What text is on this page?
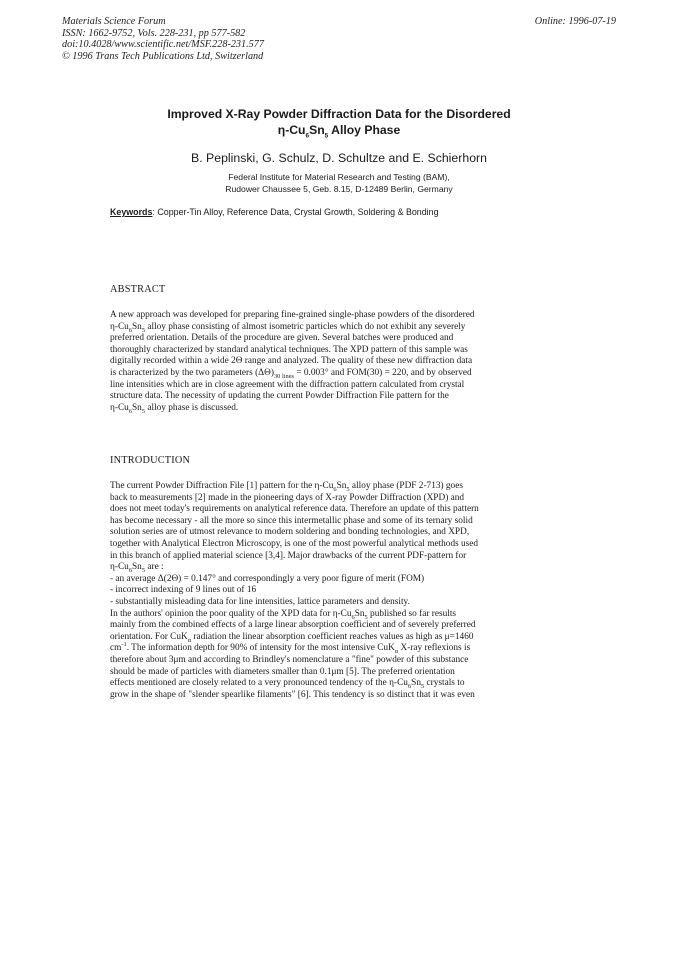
Materials Science Forum
ISSN: 1662-9752, Vols. 228-231, pp 577-582
doi:10.4028/www.scientific.net/MSF.228-231.577
© 1996 Trans Tech Publications Ltd, Switzerland
Online: 1996-07-19
Improved X-Ray Powder Diffraction Data for the Disordered
$\eta-Cu_6Sn_5$ Alloy Phase
B. Peplinski, G. Schulz, D. Schultze and E. Schierhorn
Federal Institute for Material Research and Testing (BAM),
Rudower Chaussee 5, Geb. 8.15, D-12489 Berlin, Germany
Keywords: Copper-Tin Alloy, Reference Data, Crystal Growth, Soldering & Bonding
ABSTRACT
A new approach was developed for preparing fine-grained single-phase powders of the disordered
$\eta-Cu_6Sn_5$ alloy phase consisting of almost isometric particles which do not exhibit any severely
preferred orientation. Details of the procedure are given. Several batches were produced and
thoroughly characterized by standard analytical techniques. The XPD pattern of this sample was
digitally recorded within a wide 2Θ range and analyzed. The quality of these new diffraction data
is characterized by the two parameters $(\Delta\Theta)_{30 lines} = 0.003^\circ$ and FOM(30) = 220, and by observed
line intensities which are in close agreement with the diffraction pattern calculated from crystal
structure data. The necessity of updating the current Powder Diffraction File pattern for the
$\eta-Cu_6Sn_5$ alloy phase is discussed.
INTRODUCTION
The current Powder Diffraction File [1] pattern for the $\eta-Cu_6Sn_5$ alloy phase (PDF 2-713) goes
back to measurements [2] made in the pioneering days of X-ray Powder Diffraction (XPD) and
does not meet today's requirements on analytical reference data. Therefore an update of this pattern
has become necessary - all the more so since this intermetallic phase and some of its ternary solid
solution series are of utmost relevance to modern soldering and bonding technologies, and XPD,
together with Analytical Electron Microscopy, is one of the most powerful analytical methods used
in this branch of applied material science [3,4]. Major drawbacks of the current PDF-pattern for
$\eta-Cu_6Sn_5$ are :
- an average Δ(2Θ) = 0.147° and correspondingly a very poor figure of merit (FOM)
- incorrect indexing of 9 lines out of 16
- substantially misleading data for line intensities, lattice parameters and density.
In the authors' opinion the poor quality of the XPD data for $\eta-Cu_6Sn_5$ published so far results
mainly from the combined effects of a large linear absorption coefficient and of severely preferred
orientation. For CuK$_\alpha$ radiation the linear absorption coefficient reaches values as high as μ=1460
$cm^{-1}$. The information depth for 90% of intensity for the most intensive CuK$_\alpha$ X-ray reflexions is
therefore about 3μm and according to Brindley's nomenclature a "fine" powder of this substance
should be made of particles with diameters smaller than 0.1μm [5]. The preferred orientation
effects mentioned are closely related to a very pronounced tendency of the $\eta-Cu_6Sn_5$ crystals to
grow in the shape of "slender spearlike filaments" [6]. This tendency is so distinct that it was even
